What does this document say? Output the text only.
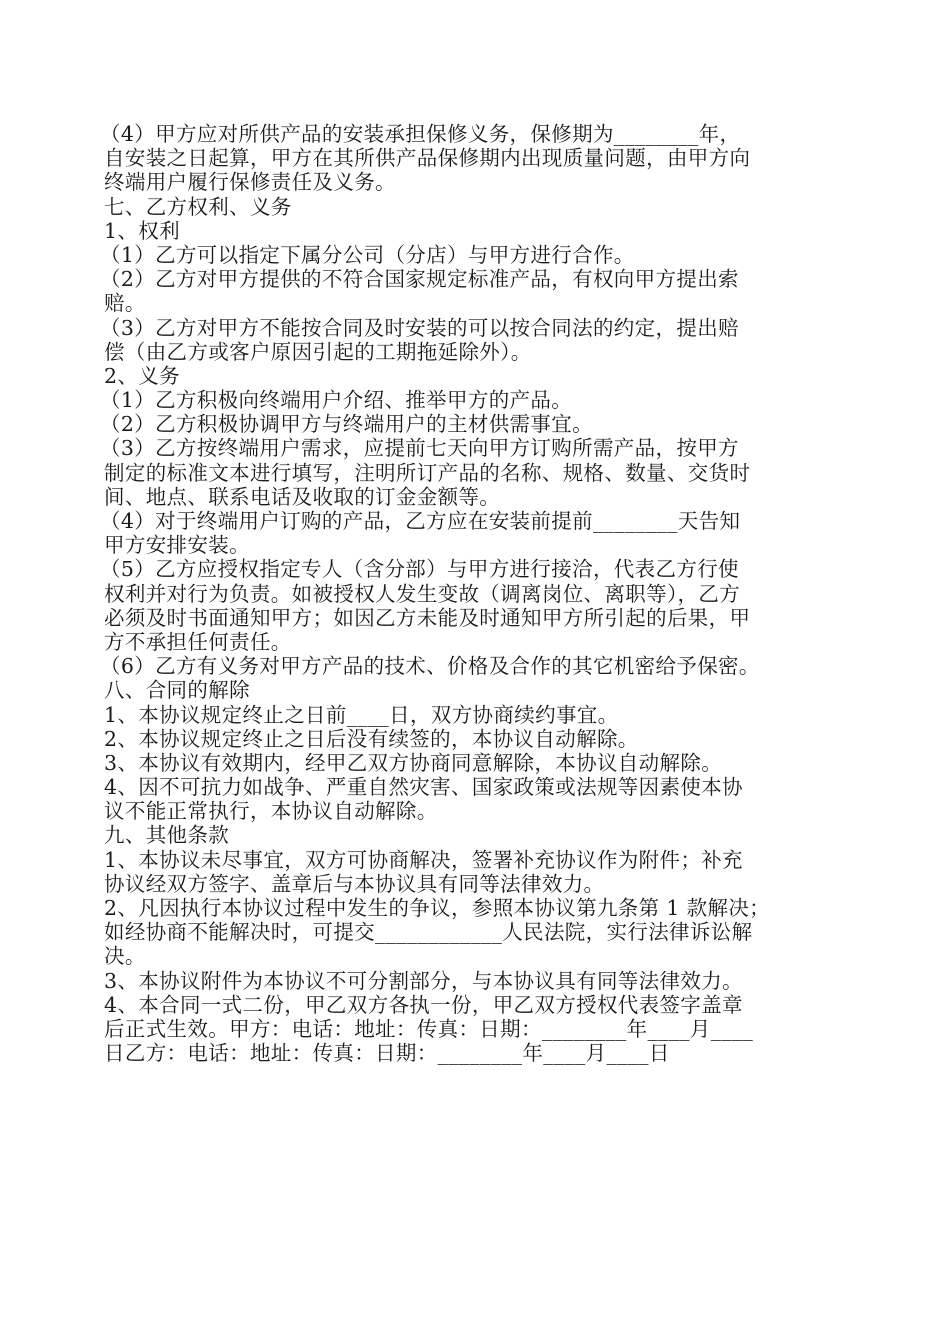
（4）甲方应对所供产品的安装承担保修义务，保修期为________年，
自安装之日起算，甲方在其所供产品保修期内出现质量问题，由甲方向
终端用户履行保修责任及义务。
七、乙方权利、义务
1、权利
（1）乙方可以指定下属分公司（分店）与甲方进行合作。
（2）乙方对甲方提供的不符合国家规定标准产品，有权向甲方提出索
赔。
（3）乙方对甲方不能按合同及时安装的可以按合同法的约定，提出赔
偿（由乙方或客户原因引起的工期拖延除外）。
2、义务
（1）乙方积极向终端用户介绍、推举甲方的产品。
（2）乙方积极协调甲方与终端用户的主材供需事宜。
（3）乙方按终端用户需求，应提前七天向甲方订购所需产品，按甲方
制定的标准文本进行填写，注明所订产品的名称、规格、数量、交货时
间、地点、联系电话及收取的订金金额等。
（4）对于终端用户订购的产品，乙方应在安装前提前________天告知
甲方安排安装。
（5）乙方应授权指定专人（含分部）与甲方进行接洽，代表乙方行使
权利并对行为负责。如被授权人发生变故（调离岗位、离职等），乙方
必须及时书面通知甲方；如因乙方未能及时通知甲方所引起的后果，甲
方不承担任何责任。
（6）乙方有义务对甲方产品的技术、价格及合作的其它机密给予保密。
八、合同的解除
1、本协议规定终止之日前____日，双方协商续约事宜。
2、本协议规定终止之日后没有续签的，本协议自动解除。
3、本协议有效期内，经甲乙双方协商同意解除，本协议自动解除。
4、因不可抗力如战争、严重自然灾害、国家政策或法规等因素使本协
议不能正常执行，本协议自动解除。
九、其他条款
1、本协议未尽事宜，双方可协商解决，签署补充协议作为附件；补充
协议经双方签字、盖章后与本协议具有同等法律效力。
2、凡因执行本协议过程中发生的争议，参照本协议第九条第 1 款解决；
如经协商不能解决时，可提交____________人民法院，实行法律诉讼解
决。
3、本协议附件为本协议不可分割部分，与本协议具有同等法律效力。
4、本合同一式二份，甲乙双方各执一份，甲乙双方授权代表签字盖章
后正式生效。甲方：电话：地址：传真：日期：________年____月____
日乙方：电话：地址：传真：日期：________年____月____日
